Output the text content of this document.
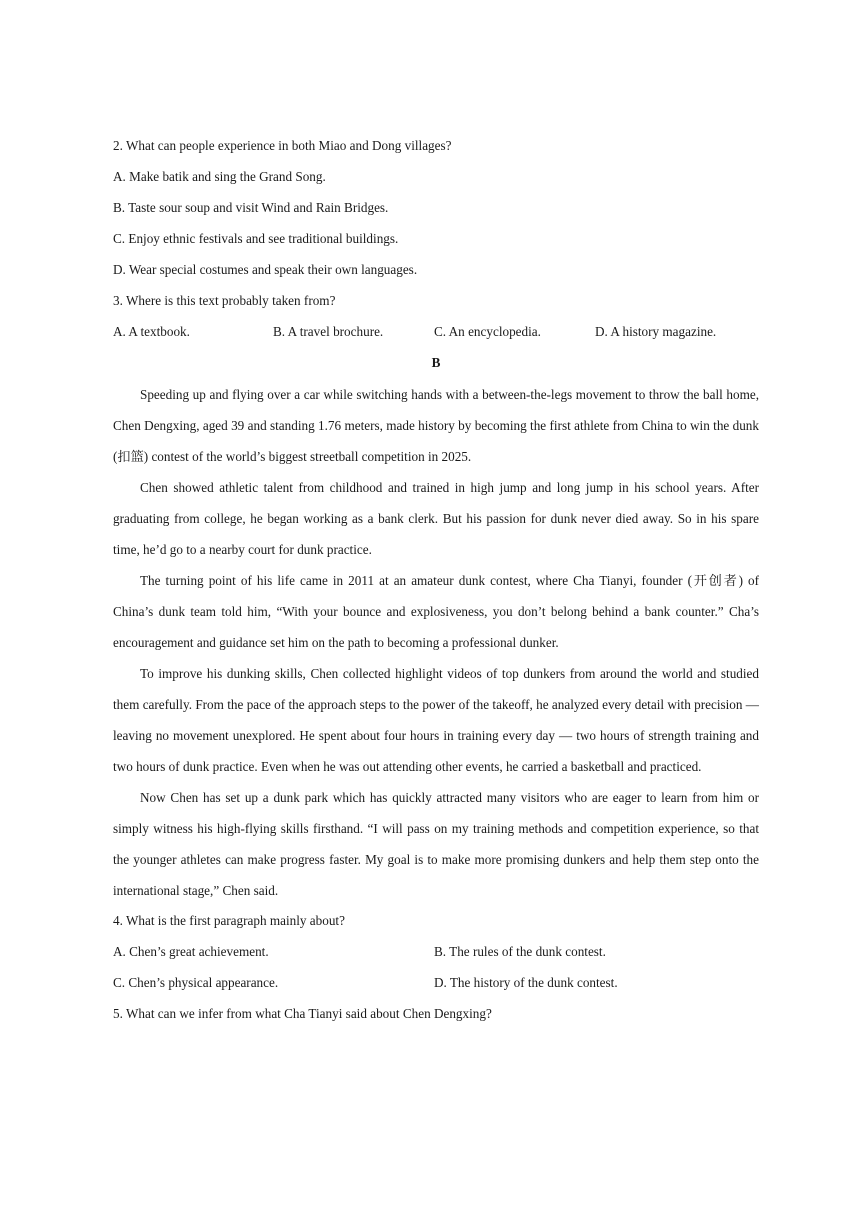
2. What can people experience in both Miao and Dong villages?
A. Make batik and sing the Grand Song.
B. Taste sour soup and visit Wind and Rain Bridges.
C. Enjoy ethnic festivals and see traditional buildings.
D. Wear special costumes and speak their own languages.
3. Where is this text probably taken from?
A. A textbook.	B. A travel brochure.	C. An encyclopedia.	D. A history magazine.
B

Speeding up and flying over a car while switching hands with a between-the-legs movement to throw the ball home, Chen Dengxing, aged 39 and standing 1.76 meters, made history by becoming the first athlete from China to win the dunk (扣篮) contest of the world’s biggest streetball competition in 2025.

Chen showed athletic talent from childhood and trained in high jump and long jump in his school years. After graduating from college, he began working as a bank clerk. But his passion for dunk never died away. So in his spare time, he’d go to a nearby court for dunk practice.

The turning point of his life came in 2011 at an amateur dunk contest, where Cha Tianyi, founder (开创者) of China’s dunk team told him, “With your bounce and explosiveness, you don’t belong behind a bank counter.” Cha’s encouragement and guidance set him on the path to becoming a professional dunker.

To improve his dunking skills, Chen collected highlight videos of top dunkers from around the world and studied them carefully. From the pace of the approach steps to the power of the takeoff, he analyzed every detail with precision — leaving no movement unexplored. He spent about four hours in training every day — two hours of strength training and two hours of dunk practice. Even when he was out attending other events, he carried a basketball and practiced.

Now Chen has set up a dunk park which has quickly attracted many visitors who are eager to learn from him or simply witness his high-flying skills firsthand. “I will pass on my training methods and competition experience, so that the younger athletes can make progress faster. My goal is to make more promising dunkers and help them step onto the international stage,” Chen said.

4. What is the first paragraph mainly about?
A. Chen’s great achievement.	B. The rules of the dunk contest.
C. Chen’s physical appearance.	D. The history of the dunk contest.
5. What can we infer from what Cha Tianyi said about Chen Dengxing?
